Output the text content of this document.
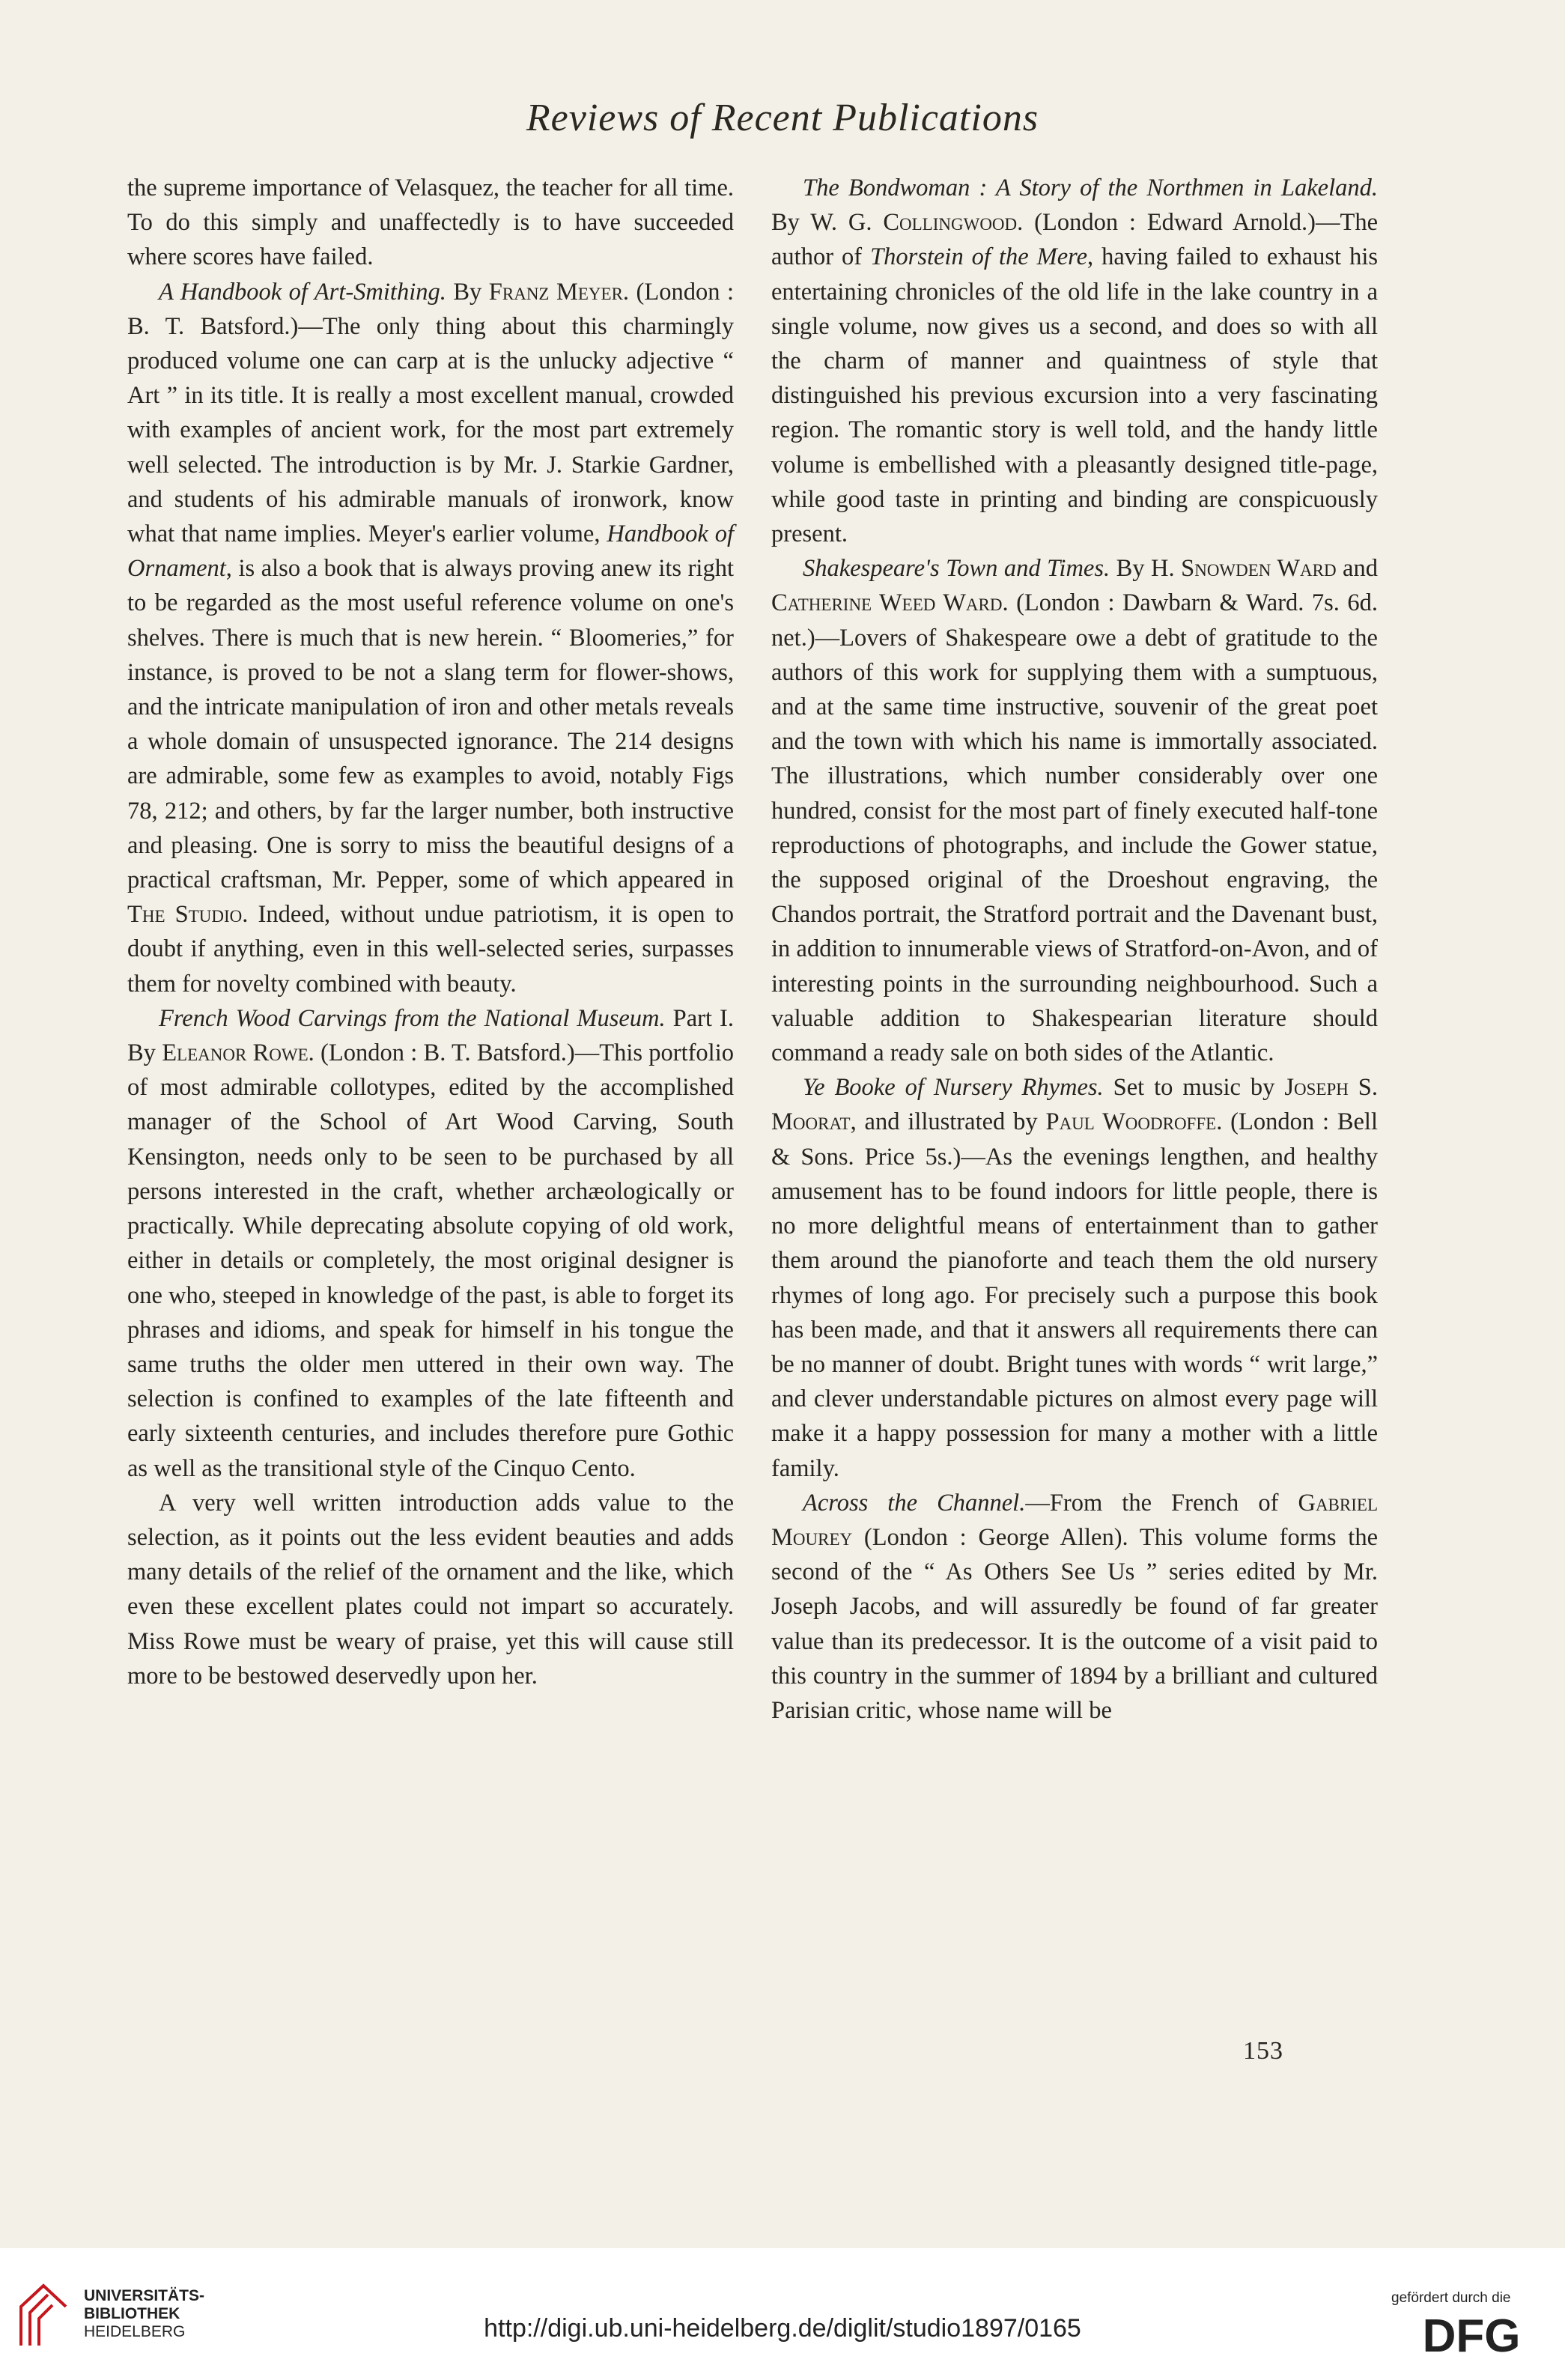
Reviews of Recent Publications

the supreme importance of Velasquez, the teacher for all time. To do this simply and unaffectedly is to have succeeded where scores have failed.

A Handbook of Art-Smithing. By Franz Meyer. (London : B. T. Batsford.)—The only thing about this charmingly produced volume one can carp at is the unlucky adjective “ Art ” in its title. It is really a most excellent manual, crowded with examples of ancient work, for the most part extremely well selected. The introduction is by Mr. J. Starkie Gardner, and students of his admirable manuals of ironwork, know what that name implies. Meyer's earlier volume, Handbook of Ornament, is also a book that is always proving anew its right to be regarded as the most useful reference volume on one's shelves. There is much that is new herein. “ Bloomeries,” for instance, is proved to be not a slang term for flower-shows, and the intricate manipulation of iron and other metals reveals a whole domain of unsuspected ignorance. The 214 designs are admirable, some few as examples to avoid, notably Figs 78, 212; and others, by far the larger number, both instructive and pleasing. One is sorry to miss the beautiful designs of a practical craftsman, Mr. Pepper, some of which appeared in The Studio. Indeed, without undue patriotism, it is open to doubt if anything, even in this well-selected series, surpasses them for novelty combined with beauty.

French Wood Carvings from the National Museum. Part I. By Eleanor Rowe. (London : B. T. Batsford.)—This portfolio of most admirable collotypes, edited by the accomplished manager of the School of Art Wood Carving, South Kensington, needs only to be seen to be purchased by all persons interested in the craft, whether archæologically or practically. While deprecating absolute copying of old work, either in details or completely, the most original designer is one who, steeped in knowledge of the past, is able to forget its phrases and idioms, and speak for himself in his tongue the same truths the older men uttered in their own way. The selection is confined to examples of the late fifteenth and early sixteenth centuries, and includes therefore pure Gothic as well as the transitional style of the Cinquo Cento.

A very well written introduction adds value to the selection, as it points out the less evident beauties and adds many details of the relief of the ornament and the like, which even these excellent plates could not impart so accurately. Miss Rowe must be weary of praise, yet this will cause still more to be bestowed deservedly upon her.

The Bondwoman : A Story of the Northmen in Lakeland. By W. G. Collingwood. (London : Edward Arnold.)—The author of Thorstein of the Mere, having failed to exhaust his entertaining chronicles of the old life in the lake country in a single volume, now gives us a second, and does so with all the charm of manner and quaintness of style that distinguished his previous excursion into a very fascinating region. The romantic story is well told, and the handy little volume is embellished with a pleasantly designed title-page, while good taste in printing and binding are conspicuously present.

Shakespeare's Town and Times. By H. Snowden Ward and Catherine Weed Ward. (London : Dawbarn & Ward. 7s. 6d. net.)—Lovers of Shakespeare owe a debt of gratitude to the authors of this work for supplying them with a sumptuous, and at the same time instructive, souvenir of the great poet and the town with which his name is immortally associated. The illustrations, which number considerably over one hundred, consist for the most part of finely executed half-tone reproductions of photographs, and include the Gower statue, the supposed original of the Droeshout engraving, the Chandos portrait, the Stratford portrait and the Davenant bust, in addition to innumerable views of Stratford-on-Avon, and of interesting points in the surrounding neighbourhood. Such a valuable addition to Shakespearian literature should command a ready sale on both sides of the Atlantic.

Ye Booke of Nursery Rhymes. Set to music by Joseph S. Moorat, and illustrated by Paul Woodroffe. (London : Bell & Sons. Price 5s.)—As the evenings lengthen, and healthy amusement has to be found indoors for little people, there is no more delightful means of entertainment than to gather them around the pianoforte and teach them the old nursery rhymes of long ago. For precisely such a purpose this book has been made, and that it answers all requirements there can be no manner of doubt. Bright tunes with words “ writ large,” and clever understandable pictures on almost every page will make it a happy possession for many a mother with a little family.

Across the Channel.—From the French of Gabriel Mourey (London : George Allen). This volume forms the second of the “ As Others See Us ” series edited by Mr. Joseph Jacobs, and will assuredly be found of far greater value than its predecessor. It is the outcome of a visit paid to this country in the summer of 1894 by a brilliant and cultured Parisian critic, whose name will be

153
UNIVERSITÄTS-
BIBLIOTHEK
HEIDELBERG	http://digi.ub.uni-heidelberg.de/diglit/studio1897/0165
gefördert durch die
DFG
